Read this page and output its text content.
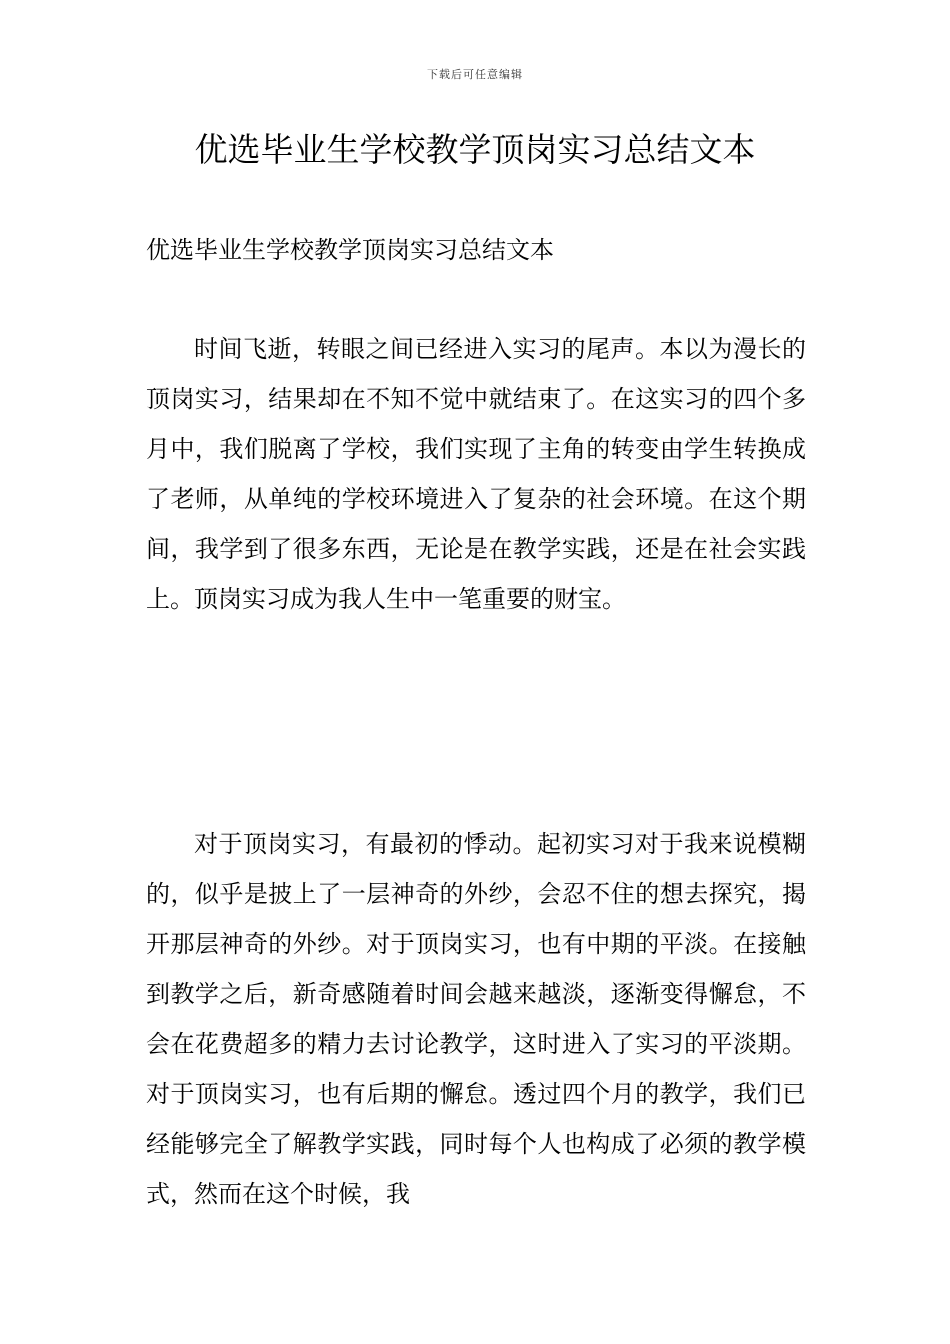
下载后可任意编辑
优选毕业生学校教学顶岗实习总结文本

优选毕业生学校教学顶岗实习总结文本

时间飞逝，转眼之间已经进入实习的尾声。本以为漫长的顶岗实习，结果却在不知不觉中就结束了。在这实习的四个多月中，我们脱离了学校，我们实现了主角的转变由学生转换成了老师，从单纯的学校环境进入了复杂的社会环境。在这个期间，我学到了很多东西，无论是在教学实践，还是在社会实践上。顶岗实习成为我人生中一笔重要的财宝。

对于顶岗实习，有最初的悸动。起初实习对于我来说模糊的，似乎是披上了一层神奇的外纱，会忍不住的想去探究，揭开那层神奇的外纱。对于顶岗实习，也有中期的平淡。在接触到教学之后，新奇感随着时间会越来越淡，逐渐变得懈怠，不会在花费超多的精力去讨论教学，这时进入了实习的平淡期。对于顶岗实习，也有后期的懈怠。透过四个月的教学，我们已经能够完全了解教学实践，同时每个人也构成了必须的教学模式，然而在这个时候，我
